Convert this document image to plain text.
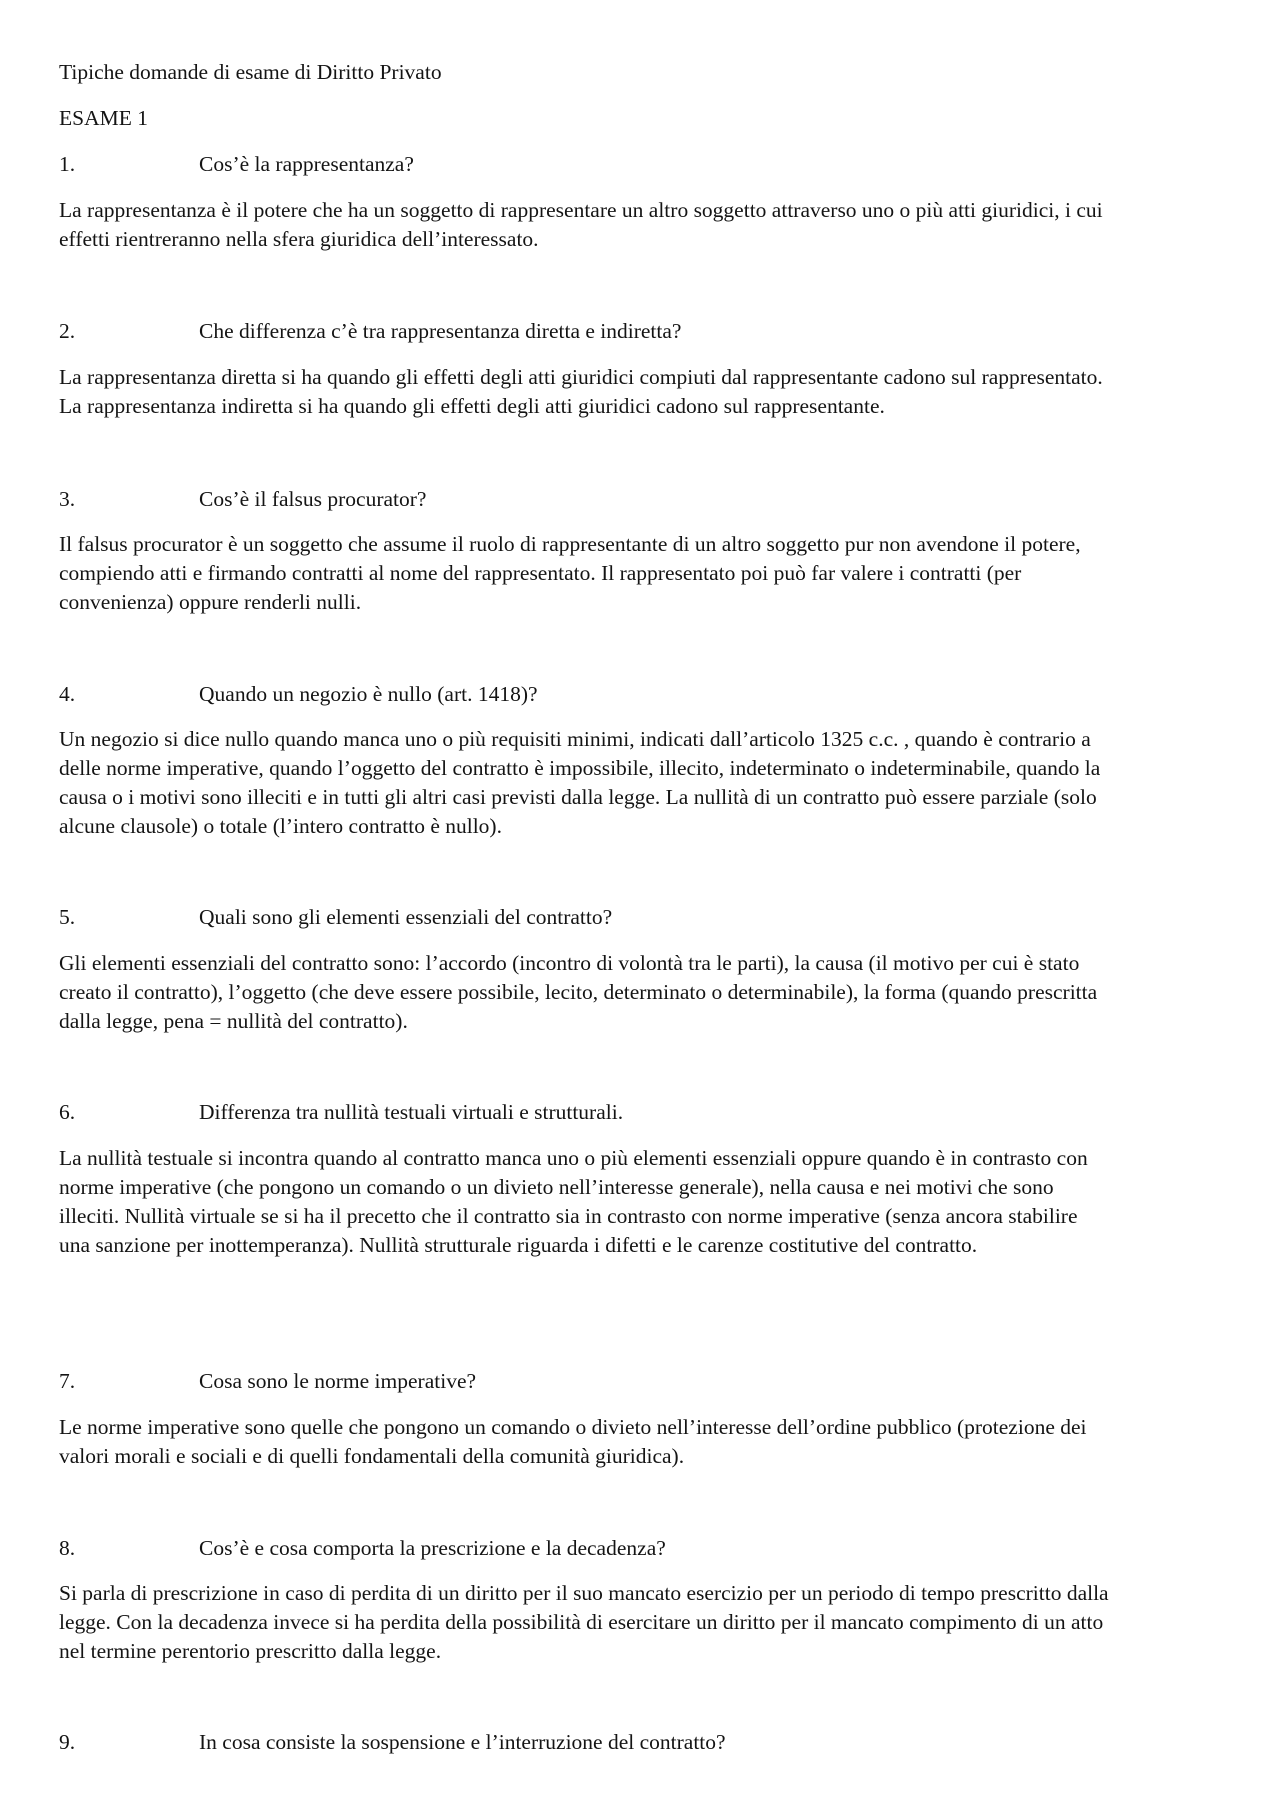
Tipiche domande di esame di Diritto Privato
ESAME 1
1.	Cos’è la rappresentanza?
La rappresentanza è il potere che ha un soggetto di rappresentare un altro soggetto attraverso uno o più atti giuridici, i cui
effetti rientreranno nella sfera giuridica dell’interessato.
2.	Che differenza c’è tra rappresentanza diretta e indiretta?
La rappresentanza diretta si ha quando gli effetti degli atti giuridici compiuti dal rappresentante cadono sul rappresentato.
La rappresentanza indiretta si ha quando gli effetti degli atti giuridici cadono sul rappresentante.
3.	Cos’è il falsus procurator?
Il falsus procurator è un soggetto che assume il ruolo di rappresentante di un altro soggetto pur non avendone il potere,
compiendo atti e firmando contratti al nome del rappresentato. Il rappresentato poi può far valere i contratti (per
convenienza) oppure renderli nulli.
4.	Quando un negozio è nullo (art. 1418)?
Un negozio si dice nullo quando manca uno o più requisiti minimi, indicati dall’articolo 1325 c.c. , quando è contrario a
delle norme imperative, quando l’oggetto del contratto è impossibile, illecito, indeterminato o indeterminabile, quando la
causa o i motivi sono illeciti e in tutti gli altri casi previsti dalla legge. La nullità di un contratto può essere parziale (solo
alcune clausole) o totale (l’intero contratto è nullo).
5.	Quali sono gli elementi essenziali del contratto?
Gli elementi essenziali del contratto sono: l’accordo (incontro di volontà tra le parti), la causa (il motivo per cui è stato
creato il contratto), l’oggetto (che deve essere possibile, lecito, determinato o determinabile), la forma (quando prescritta
dalla legge, pena = nullità del contratto).
6.	Differenza tra nullità testuali virtuali e strutturali.
La nullità testuale si incontra quando al contratto manca uno o più elementi essenziali oppure quando è in contrasto con
norme imperative (che pongono un comando o un divieto nell’interesse generale), nella causa e nei motivi che sono
illeciti. Nullità virtuale se si ha il precetto che il contratto sia in contrasto con norme imperative (senza ancora stabilire
una sanzione per inottemperanza). Nullità strutturale riguarda i difetti e le carenze costitutive del contratto.
7.	Cosa sono le norme imperative?
Le norme imperative sono quelle che pongono un comando o divieto nell’interesse dell’ordine pubblico (protezione dei
valori morali e sociali e di quelli fondamentali della comunità giuridica).
8.	Cos’è e cosa comporta la prescrizione e la decadenza?
Si parla di prescrizione in caso di perdita di un diritto per il suo mancato esercizio per un periodo di tempo prescritto dalla
legge. Con la decadenza invece si ha perdita della possibilità di esercitare un diritto per il mancato compimento di un atto
nel termine perentorio prescritto dalla legge.
9.	In cosa consiste la sospensione e l’interruzione del contratto?
